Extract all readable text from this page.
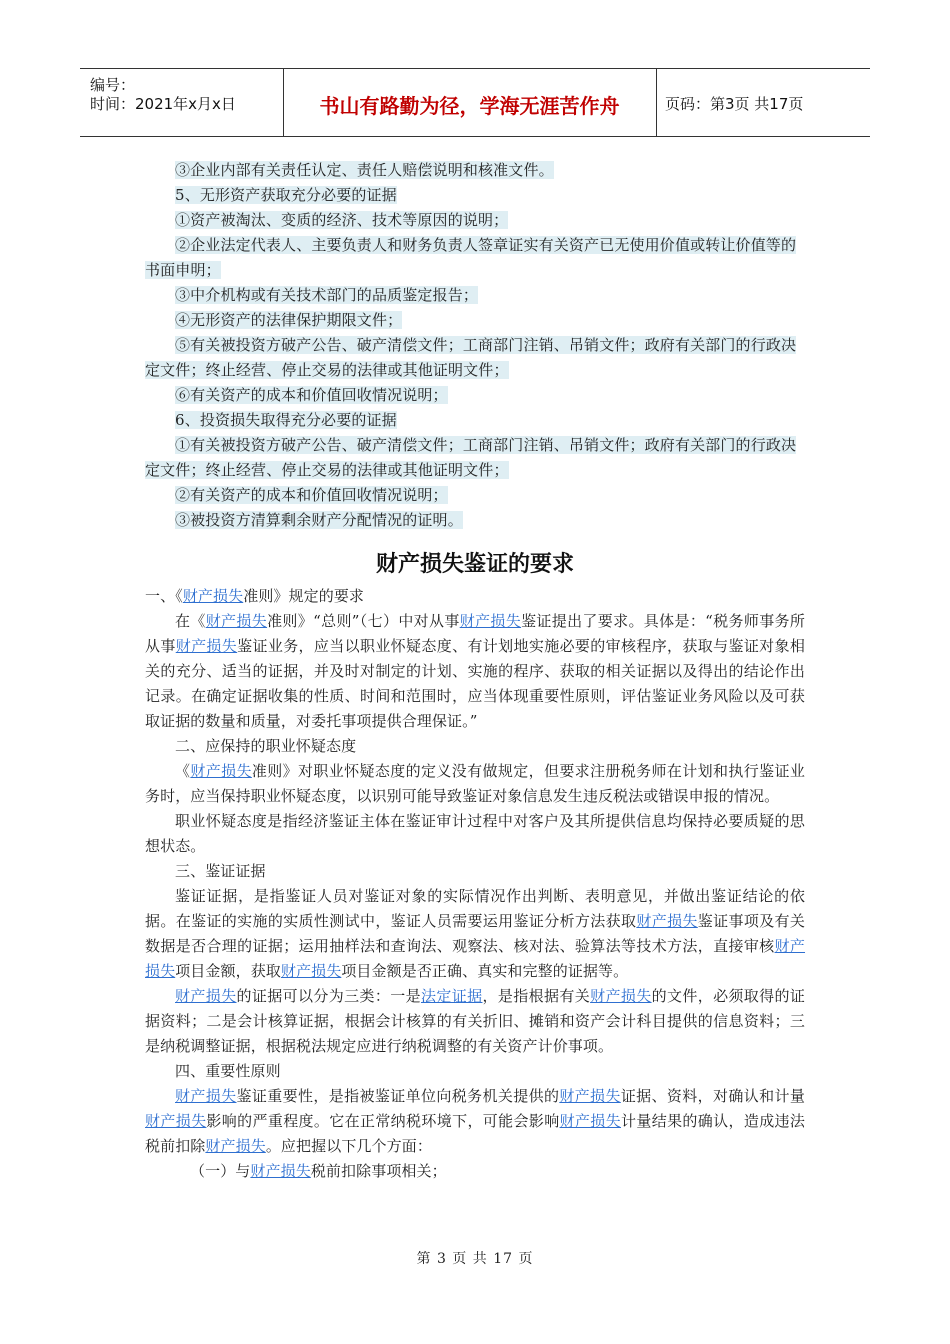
编号：
时间：2021年x月x日	书山有路勤为径，学海无涯苦作舟	页码：第3页 共17页
③企业内部有关责任认定、责任人赔偿说明和核准文件。
5、无形资产获取充分必要的证据
①资产被淘汰、变质的经济、技术等原因的说明；
②企业法定代表人、主要负责人和财务负责人签章证实有关资产已无使用价值或转让价值等的书面申明；
③中介机构或有关技术部门的品质鉴定报告；
④无形资产的法律保护期限文件；
⑤有关被投资方破产公告、破产清偿文件；工商部门注销、吊销文件；政府有关部门的行政决定文件；终止经营、停止交易的法律或其他证明文件；
⑥有关资产的成本和价值回收情况说明；
6、投资损失取得充分必要的证据
①有关被投资方破产公告、破产清偿文件；工商部门注销、吊销文件；政府有关部门的行政决定文件；终止经营、停止交易的法律或其他证明文件；
②有关资产的成本和价值回收情况说明；
③被投资方清算剩余财产分配情况的证明。
财产损失鉴证的要求
一、《财产损失准则》规定的要求
在《财产损失准则》“总则”（七）中对从事财产损失鉴证提出了要求。具体是：“税务师事务所从事财产损失鉴证业务，应当以职业怀疑态度、有计划地实施必要的审核程序，获取与鉴证对象相关的充分、适当的证据，并及时对制定的计划、实施的程序、获取的相关证据以及得出的结论作出记录。在确定证据收集的性质、时间和范围时，应当体现重要性原则，评估鉴证业务风险以及可获取证据的数量和质量，对委托事项提供合理保证。”
二、应保持的职业怀疑态度
《财产损失准则》对职业怀疑态度的定义没有做规定，但要求注册税务师在计划和执行鉴证业务时，应当保持职业怀疑态度，以识别可能导致鉴证对象信息发生违反税法或错误申报的情况。
职业怀疑态度是指经济鉴证主体在鉴证审计过程中对客户及其所提供信息均保持必要质疑的思想状态。
三、鉴证证据
鉴证证据，是指鉴证人员对鉴证对象的实际情况作出判断、表明意见，并做出鉴证结论的依据。在鉴证的实施的实质性测试中，鉴证人员需要运用鉴证分析方法获取财产损失鉴证事项及有关数据是否合理的证据；运用抽样法和查询法、观察法、核对法、验算法等技术方法，直接审核财产损失项目金额，获取财产损失项目金额是否正确、真实和完整的证据等。
财产损失的证据可以分为三类：一是法定证据，是指根据有关财产损失的文件，必须取得的证据资料；二是会计核算证据，根据会计核算的有关折旧、摊销和资产会计科目提供的信息资料；三是纳税调整证据，根据税法规定应进行纳税调整的有关资产计价事项。
四、重要性原则
财产损失鉴证重要性，是指被鉴证单位向税务机关提供的财产损失证据、资料，对确认和计量财产损失影响的严重程度。它在正常纳税环境下，可能会影响财产损失计量结果的确认，造成违法税前扣除财产损失。应把握以下几个方面：
（一）与财产损失税前扣除事项相关；
第 3 页 共 17 页
